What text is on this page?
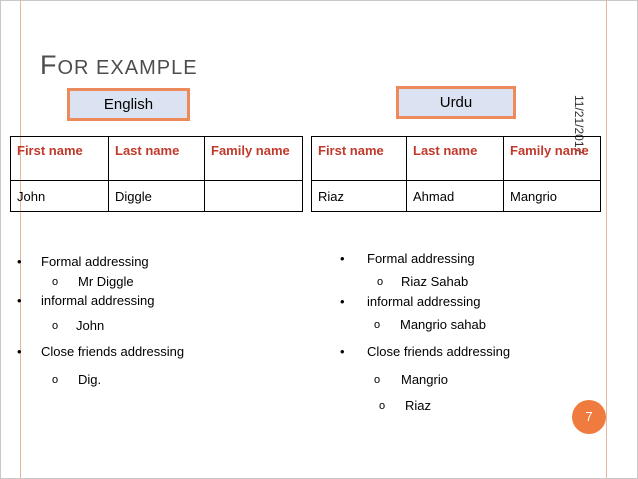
FOR EXAMPLE
English	Urdu	11/21/2017
First name	Last name	Family name
John	Diggle	
First name	Last name	Family name
Riaz	Ahmad	Mangrio
• Formal addressing
o Mr Diggle
• informal addressing
o John
• Close friends addressing
o Dig.
• Formal addressing
o Riaz Sahab
• informal addressing
o Mangrio sahab
• Close friends addressing
o Mangrio
o Riaz
7
